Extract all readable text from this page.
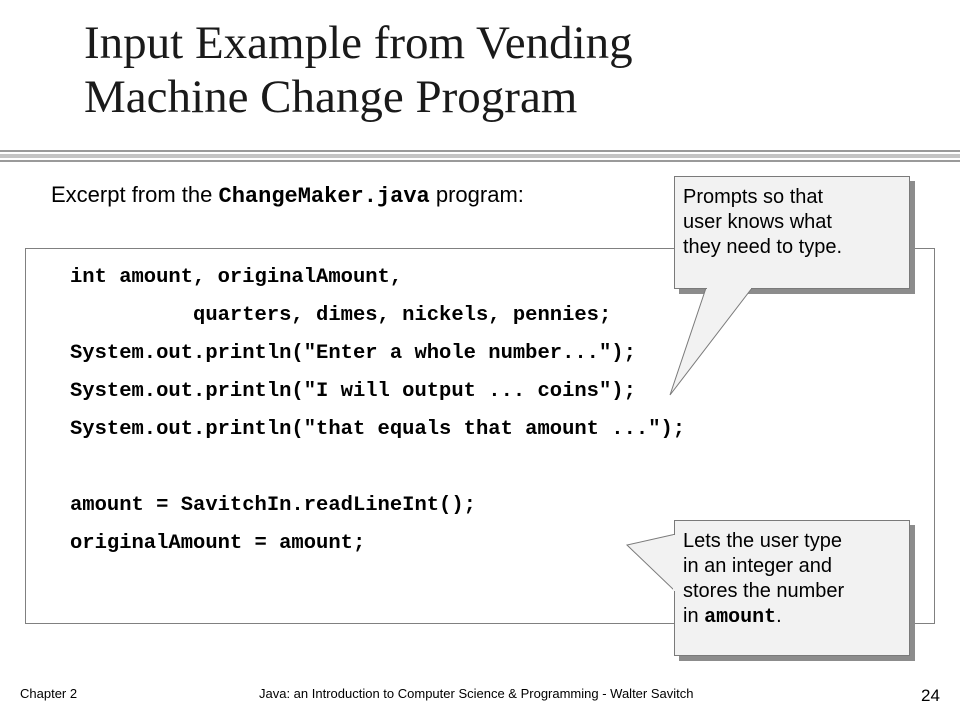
Input Example from Vending
Machine Change Program
Excerpt from the ChangeMaker.java program:
int amount, originalAmount,
quarters, dimes, nickels, pennies;
System.out.println("Enter a whole number...");
System.out.println("I will output ... coins");
System.out.println("that equals that amount ...");
amount = SavitchIn.readLineInt();
originalAmount = amount;
Prompts so that
user knows what
they need to type.
Lets the user type
in an integer and
stores the number
in amount.
Chapter 2	Java: an Introduction to Computer Science & Programming - Walter Savitch	24
